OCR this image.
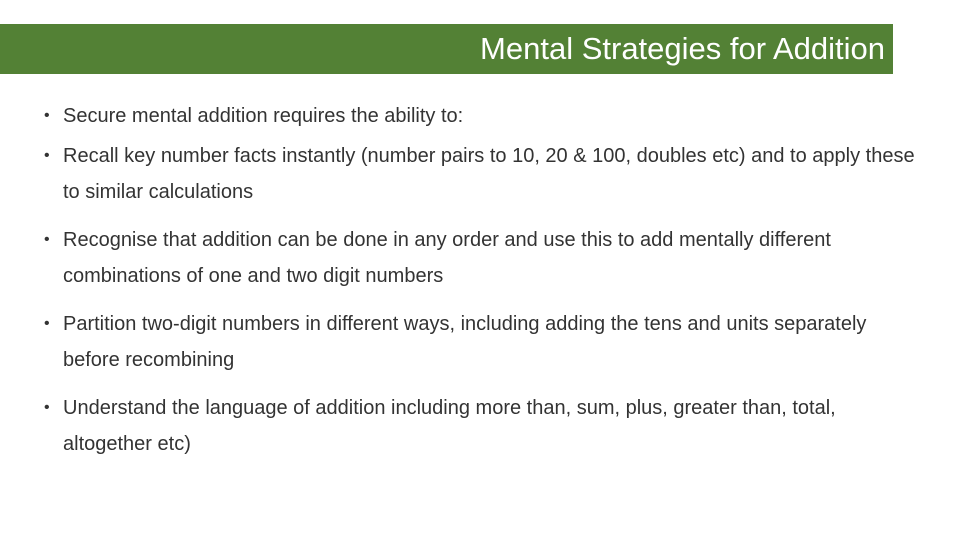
Mental Strategies for Addition
• Secure mental addition requires the ability to:
• Recall key number facts instantly (number pairs to 10, 20 & 100, doubles etc) and to apply these to similar calculations
• Recognise that addition can be done in any order and use this to add mentally different combinations of one and two digit numbers
• Partition two-digit numbers in different ways, including adding the tens and units separately before recombining
• Understand the language of addition including more than, sum, plus, greater than, total, altogether etc)
